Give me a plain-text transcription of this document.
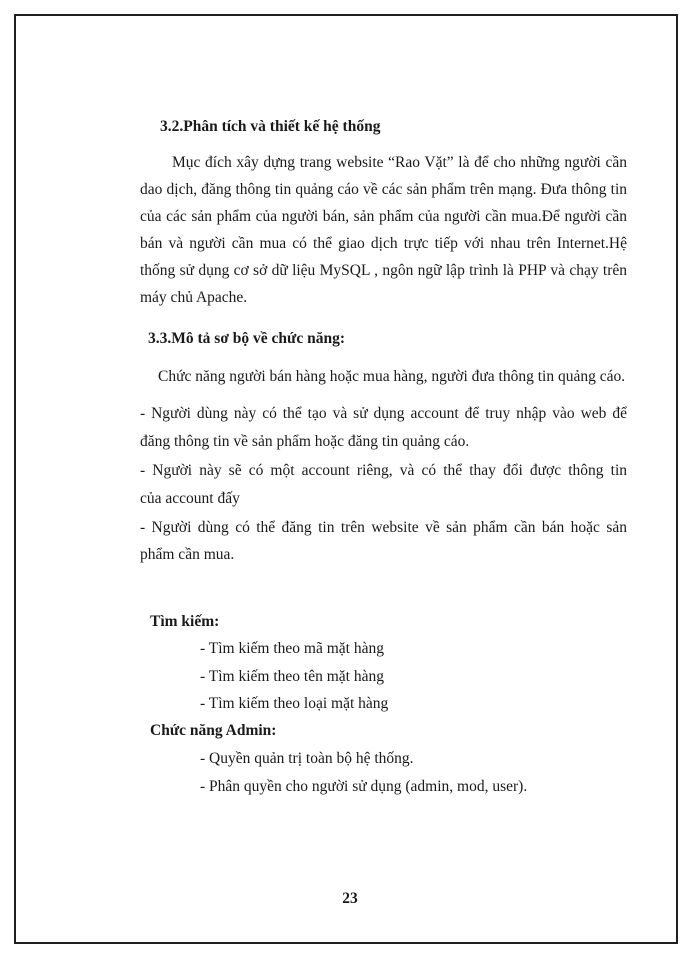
3.2.Phân tích và thiết kế hệ thống
Mục đích xây dựng trang website “Rao Vặt” là để cho những người cần
dao dịch, đăng thông tin quảng cáo về các sản phẩm trên mạng. Đưa thông tin
của các sản phẩm của người bán, sản phẩm của người cần mua.Để người cần
bán và người cần mua có thể giao dịch trực tiếp với nhau trên Internet.Hệ
thống sử dụng cơ sở dữ liệu MySQL , ngôn ngữ lập trình là PHP và chạy trên
máy chủ Apache.
3.3.Mô tả sơ bộ về chức năng:
Chức năng người bán hàng hoặc mua hàng, người đưa thông tin quảng cáo.
- Người dùng này có thể tạo và sử dụng account để truy nhập vào web để
đăng thông tin về sản phẩm hoặc đăng tin quảng cáo.
- Người này sẽ có một account riêng, và có thể thay đổi được thông tin
của account đấy
- Người dùng có thể đăng tin trên website về sản phẩm cần bán hoặc sản
phẩm cần mua.
Tìm kiếm:
- Tìm kiếm theo mã mặt hàng
- Tìm kiếm theo tên mặt hàng
- Tìm kiếm theo loại mặt hàng
Chức năng Admin:
- Quyền quản trị toàn bộ hệ thống.
- Phân quyền cho người sử dụng (admin, mod, user).
23
